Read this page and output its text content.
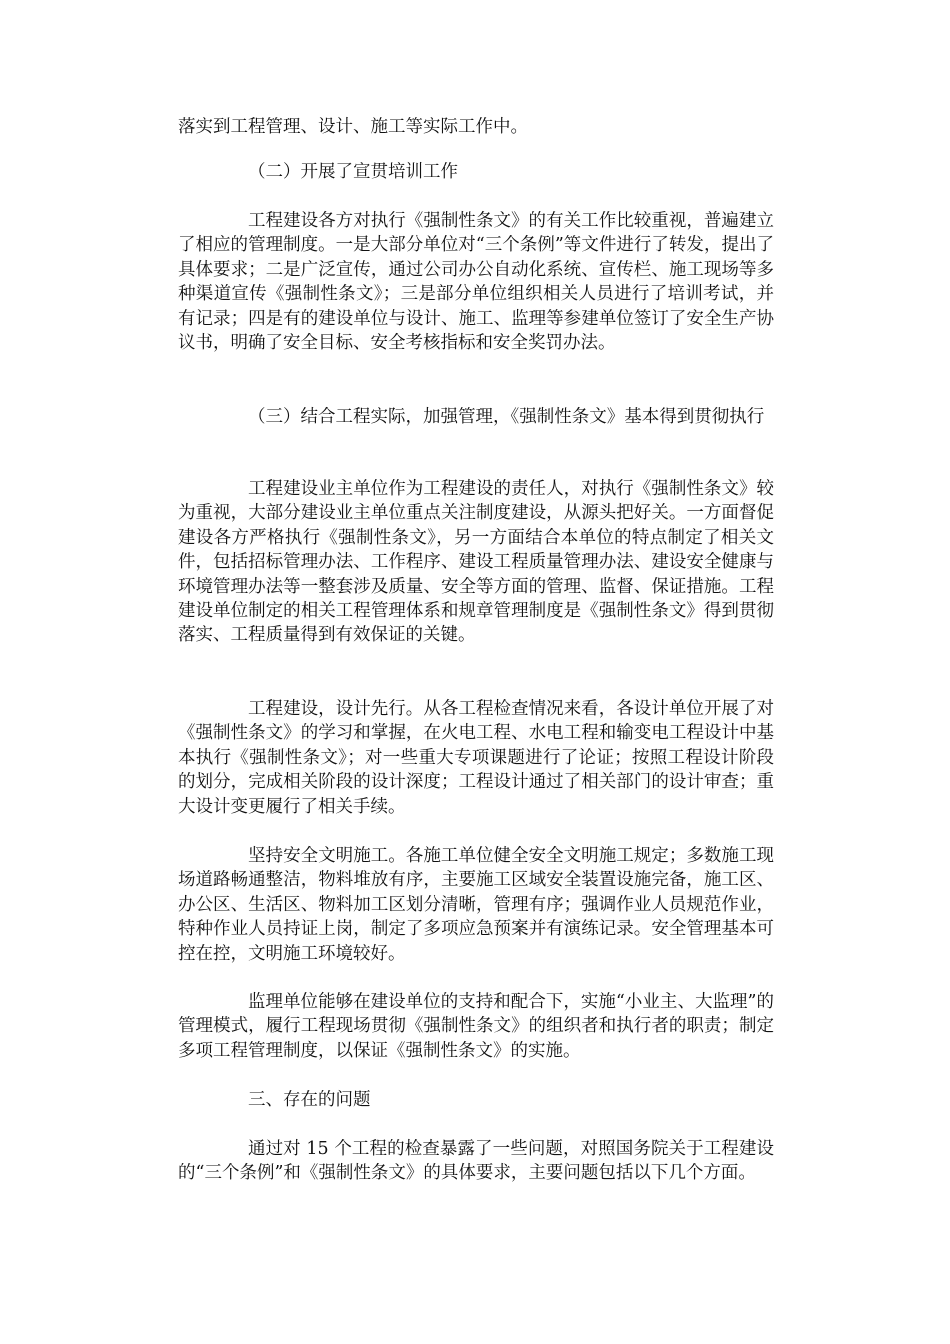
落实到工程管理、设计、施工等实际工作中。

（二）开展了宣贯培训工作

工程建设各方对执行《强制性条文》的有关工作比较重视，普遍建立了相应的管理制度。一是大部分单位对“三个条例”等文件进行了转发，提出了具体要求；二是广泛宣传，通过公司办公自动化系统、宣传栏、施工现场等多种渠道宣传《强制性条文》；三是部分单位组织相关人员进行了培训考试，并有记录；四是有的建设单位与设计、施工、监理等参建单位签订了安全生产协议书，明确了安全目标、安全考核指标和安全奖罚办法。

（三）结合工程实际，加强管理，《强制性条文》基本得到贯彻执行

工程建设业主单位作为工程建设的责任人，对执行《强制性条文》较为重视，大部分建设业主单位重点关注制度建设，从源头把好关。一方面督促建设各方严格执行《强制性条文》，另一方面结合本单位的特点制定了相关文件，包括招标管理办法、工作程序、建设工程质量管理办法、建设安全健康与环境管理办法等一整套涉及质量、安全等方面的管理、监督、保证措施。工程建设单位制定的相关工程管理体系和规章管理制度是《强制性条文》得到贯彻落实、工程质量得到有效保证的关键。

工程建设，设计先行。从各工程检查情况来看，各设计单位开展了对《强制性条文》的学习和掌握，在火电工程、水电工程和输变电工程设计中基本执行《强制性条文》；对一些重大专项课题进行了论证；按照工程设计阶段的划分，完成相关阶段的设计深度；工程设计通过了相关部门的设计审查；重大设计变更履行了相关手续。

坚持安全文明施工。各施工单位健全安全文明施工规定；多数施工现场道路畅通整洁，物料堆放有序，主要施工区域安全装置设施完备，施工区、办公区、生活区、物料加工区划分清晰，管理有序；强调作业人员规范作业，特种作业人员持证上岗，制定了多项应急预案并有演练记录。安全管理基本可控在控，文明施工环境较好。

监理单位能够在建设单位的支持和配合下，实施“小业主、大监理”的管理模式，履行工程现场贯彻《强制性条文》的组织者和执行者的职责；制定多项工程管理制度，以保证《强制性条文》的实施。

三、存在的问题

通过对 15 个工程的检查暴露了一些问题，对照国务院关于工程建设的“三个条例”和《强制性条文》的具体要求，主要问题包括以下几个方面。
